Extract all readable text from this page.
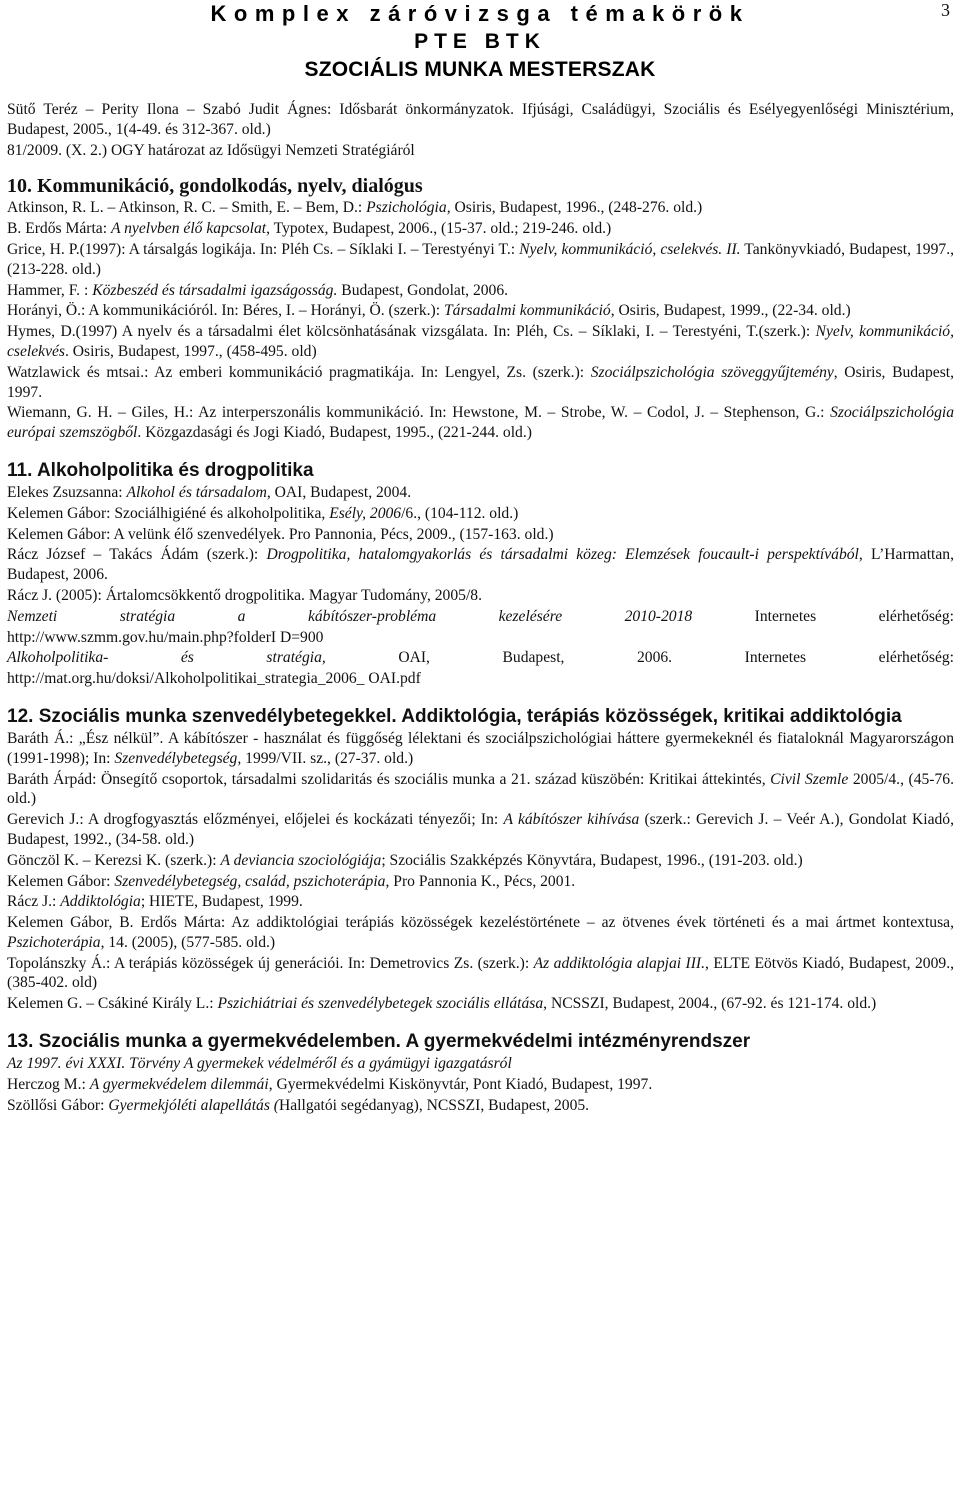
Komplex záróvizsga témakörök
PTE BTK
SZOCIÁLIS MUNKA MESTERSZAK
3

Sütő Teréz – Perity Ilona – Szabó Judit Ágnes: Idősbarát önkormányzatok. Ifjúsági, Családügyi, Szociális és Esélyegyenlőségi Minisztérium, Budapest, 2005., 1(4-49. és 312-367. old.)

81/2009. (X. 2.) OGY határozat az Idősügyi Nemzeti Stratégiáról

10. Kommunikáció, gondolkodás, nyelv, dialógus

Atkinson, R. L. – Atkinson, R. C. – Smith, E. – Bem, D.: Pszichológia, Osiris, Budapest, 1996., (248-276. old.)

B. Erdős Márta: A nyelvben élő kapcsolat, Typotex, Budapest, 2006., (15-37. old.; 219-246. old.)

Grice, H. P.(1997): A társalgás logikája. In: Pléh Cs. – Síklaki I. – Terestyényi T.: Nyelv, kommunikáció, cselekvés. II. Tankönyvkiadó, Budapest, 1997., (213-228. old.)

Hammer, F. : Közbeszéd és társadalmi igazságosság. Budapest, Gondolat, 2006.

Horányi, Ö.: A kommunikációról. In: Béres, I. – Horányi, Ö. (szerk.): Társadalmi kommunikáció, Osiris, Budapest, 1999., (22-34. old.)

Hymes, D.(1997) A nyelv és a társadalmi élet kölcsönhatásának vizsgálata. In: Pléh, Cs. – Síklaki, I. – Terestyéni, T.(szerk.): Nyelv, kommunikáció, cselekvés. Osiris, Budapest, 1997., (458-495. old)

Watzlawick és mtsai.: Az emberi kommunikáció pragmatikája. In: Lengyel, Zs. (szerk.): Szociálpszichológia szöveggyűjtemény, Osiris, Budapest, 1997.

Wiemann, G. H. – Giles, H.: Az interperszonális kommunikáció. In: Hewstone, M. – Strobe, W. – Codol, J. – Stephenson, G.: Szociálpszichológia európai szemszögből. Közgazdasági és Jogi Kiadó, Budapest, 1995., (221-244. old.)

11. Alkoholpolitika és drogpolitika

Elekes Zsuzsanna: Alkohol és társadalom, OAI, Budapest, 2004.

Kelemen Gábor: Szociálhigiéné és alkoholpolitika, Esély, 2006/6., (104-112. old.)

Kelemen Gábor: A velünk élő szenvedélyek. Pro Pannonia, Pécs, 2009., (157-163. old.)

Rácz József – Takács Ádám (szerk.): Drogpolitika, hatalomgyakorlás és társadalmi közeg: Elemzések foucault-i perspektívából, L’Harmattan, Budapest, 2006.

Rácz J. (2005): Ártalomcsökkentő drogpolitika. Magyar Tudomány, 2005/8.

Nemzeti stratégia a kábítószer-probléma kezelésére 2010-2018 Internetes elérhetőség:

http://www.szmm.gov.hu/main.php?folderI D=900

Alkoholpolitika- és stratégia, OAI, Budapest, 2006. Internetes elérhetőség:

http://mat.org.hu/doksi/Alkoholpolitikai_strategia_2006_ OAI.pdf

12. Szociális munka szenvedélybetegekkel. Addiktológia, terápiás közösségek, kritikai addiktológia

Baráth Á.: „Ész nélkül”. A kábítószer - használat és függőség lélektani és szociálpszichológiai háttere gyermekeknél és fiataloknál Magyarországon (1991-1998); In: Szenvedélybetegség, 1999/VII. sz., (27-37. old.)

Baráth Árpád: Önsegítő csoportok, társadalmi szolidaritás és szociális munka a 21. század küszöbén: Kritikai áttekintés, Civil Szemle 2005/4., (45-76. old.)

Gerevich J.: A drogfogyasztás előzményei, előjelei és kockázati tényezői; In: A kábítószer kihívása (szerk.: Gerevich J. – Veér A.), Gondolat Kiadó, Budapest, 1992., (34-58. old.)

Gönczöl K. – Kerezsi K. (szerk.): A deviancia szociológiája; Szociális Szakképzés Könyvtára, Budapest, 1996., (191-203. old.)

Kelemen Gábor: Szenvedélybetegség, család, pszichoterápia, Pro Pannonia K., Pécs, 2001.

Rácz J.: Addiktológia; HIETE, Budapest, 1999.

Kelemen Gábor, B. Erdős Márta: Az addiktológiai terápiás közösségek kezeléstörténete – az ötvenes évek történeti és a mai ártmet kontextusa, Pszichoterápia, 14. (2005), (577-585. old.)

Topolánszky Á.: A terápiás közösségek új generációi. In: Demetrovics Zs. (szerk.): Az addiktológia alapjai III., ELTE Eötvös Kiadó, Budapest, 2009., (385-402. old)

Kelemen G. – Csákiné Király L.: Pszichiátriai és szenvedélybetegek szociális ellátása, NCSSZI, Budapest, 2004., (67-92. és 121-174. old.)

13. Szociális munka a gyermekvédelemben. A gyermekvédelmi intézményrendszer

Az 1997. évi XXXI. Törvény A gyermekek védelméről és a gyámügyi igazgatásról

Herczog M.: A gyermekvédelem dilemmái, Gyermekvédelmi Kiskönyvtár, Pont Kiadó, Budapest, 1997.

Szöllősi Gábor: Gyermekjóléti alapellátás (Hallgatói segédanyag), NCSSZI, Budapest, 2005.
